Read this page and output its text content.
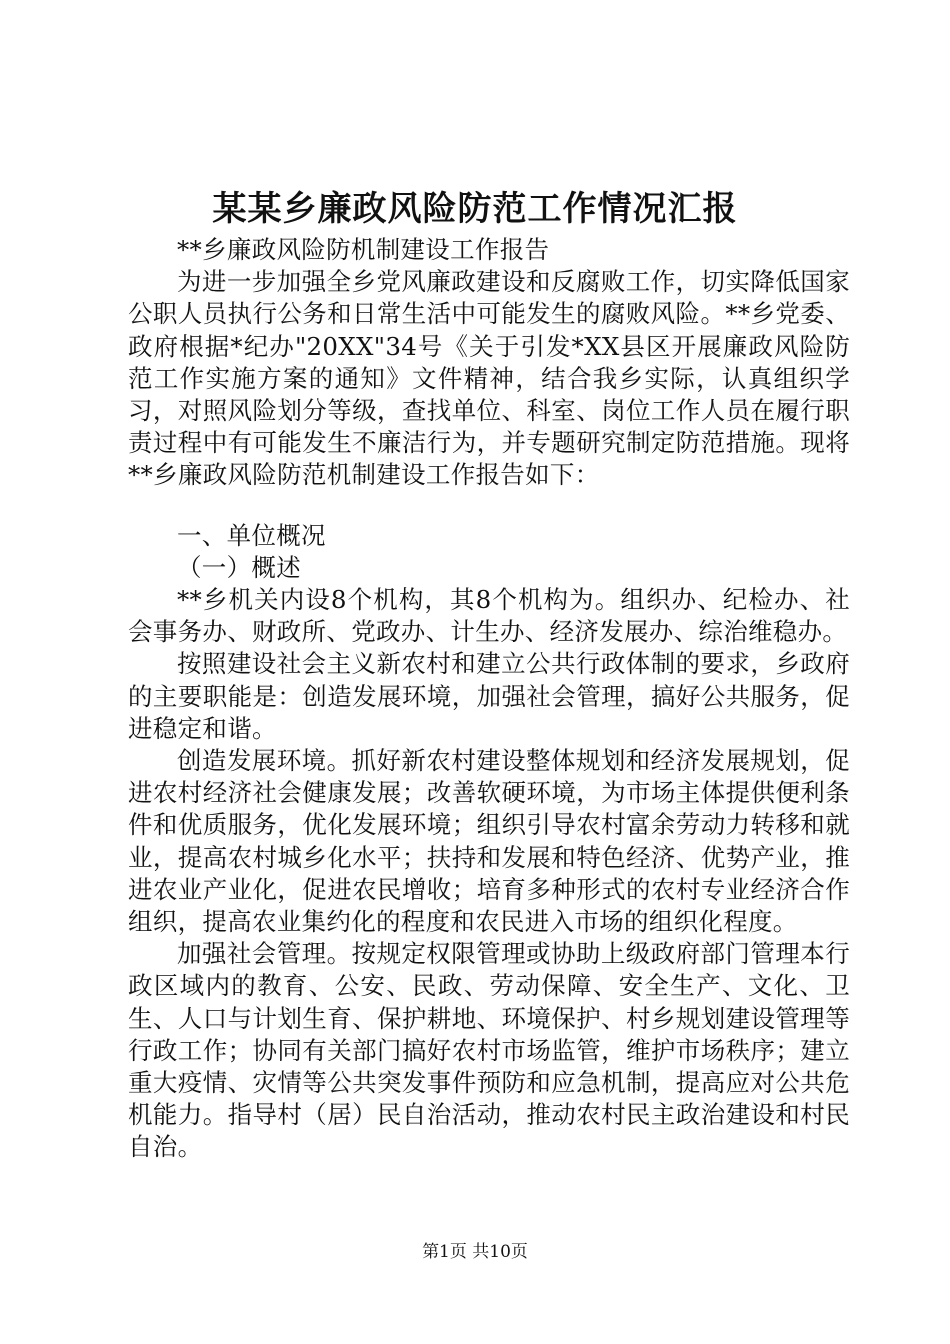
某某乡廉政风险防范工作情况汇报

**乡廉政风险防机制建设工作报告

为进一步加强全乡党风廉政建设和反腐败工作，切实降低国家公职人员执行公务和日常生活中可能发生的腐败风险。**乡党委、政府根据*纪办"20XX"34号《关于引发*XX县区开展廉政风险防范工作实施方案的通知》文件精神，结合我乡实际，认真组织学习，对照风险划分等级，查找单位、科室、岗位工作人员在履行职责过程中有可能发生不廉洁行为，并专题研究制定防范措施。现将**乡廉政风险防范机制建设工作报告如下：

一、单位概况

（一）概述

**乡机关内设8个机构，其8个机构为。组织办、纪检办、社会事务办、财政所、党政办、计生办、经济发展办、综治维稳办。

按照建设社会主义新农村和建立公共行政体制的要求，乡政府的主要职能是：创造发展环境，加强社会管理，搞好公共服务，促进稳定和谐。

创造发展环境。抓好新农村建设整体规划和经济发展规划，促进农村经济社会健康发展；改善软硬环境，为市场主体提供便利条件和优质服务，优化发展环境；组织引导农村富余劳动力转移和就业，提高农村城乡化水平；扶持和发展和特色经济、优势产业，推进农业产业化，促进农民增收；培育多种形式的农村专业经济合作组织，提高农业集约化的程度和农民进入市场的组织化程度。

加强社会管理。按规定权限管理或协助上级政府部门管理本行政区域内的教育、公安、民政、劳动保障、安全生产、文化、卫生、人口与计划生育、保护耕地、环境保护、村乡规划建设管理等行政工作；协同有关部门搞好农村市场监管，维护市场秩序；建立重大疫情、灾情等公共突发事件预防和应急机制，提高应对公共危机能力。指导村（居）民自治活动，推动农村民主政治建设和村民自治。

第1页 共10页
